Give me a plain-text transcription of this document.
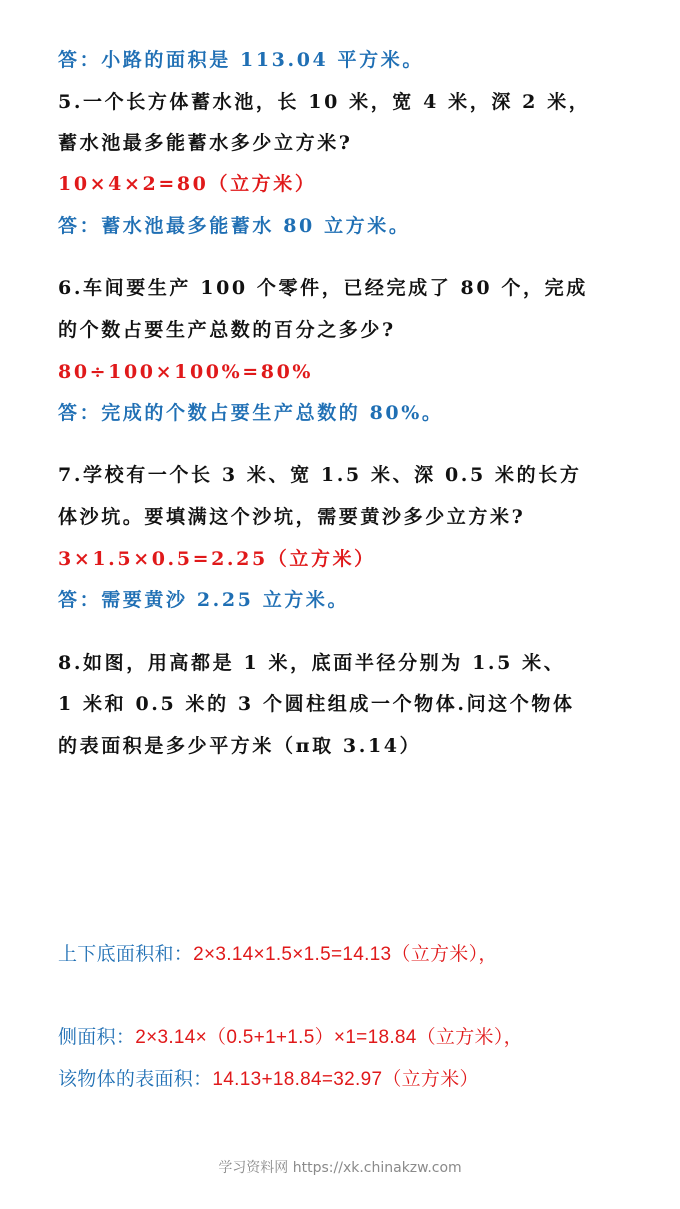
答：小路的面积是 113.04 平方米。
5.一个长方体蓄水池，长 10 米，宽 4 米，深 2 米，
蓄水池最多能蓄水多少立方米?
10×4×2=80（立方米）
答：蓄水池最多能蓄水 80 立方米。
6.车间要生产 100 个零件，已经完成了 80 个，完成
的个数占要生产总数的百分之多少?
80÷100×100%=80%
答：完成的个数占要生产总数的 80%。
7.学校有一个长 3 米、宽 1.5 米、深 0.5 米的长方
体沙坑。要填满这个沙坑，需要黄沙多少立方米?
3×1.5×0.5=2.25（立方米）
答：需要黄沙 2.25 立方米。
8.如图，用高都是 1 米，底面半径分别为 1.5 米、
1 米和 0.5 米的 3 个圆柱组成一个物体.问这个物体
的表面积是多少平方米（π取 3.14）
上下底面积和：2×3.14×1.5×1.5=14.13（立方米），
侧面积：2×3.14×（0.5+1+1.5）×1=18.84（立方米），
该物体的表面积：14.13+18.84=32.97（立方米）
学习资料网 https://xk.chinakzw.com
